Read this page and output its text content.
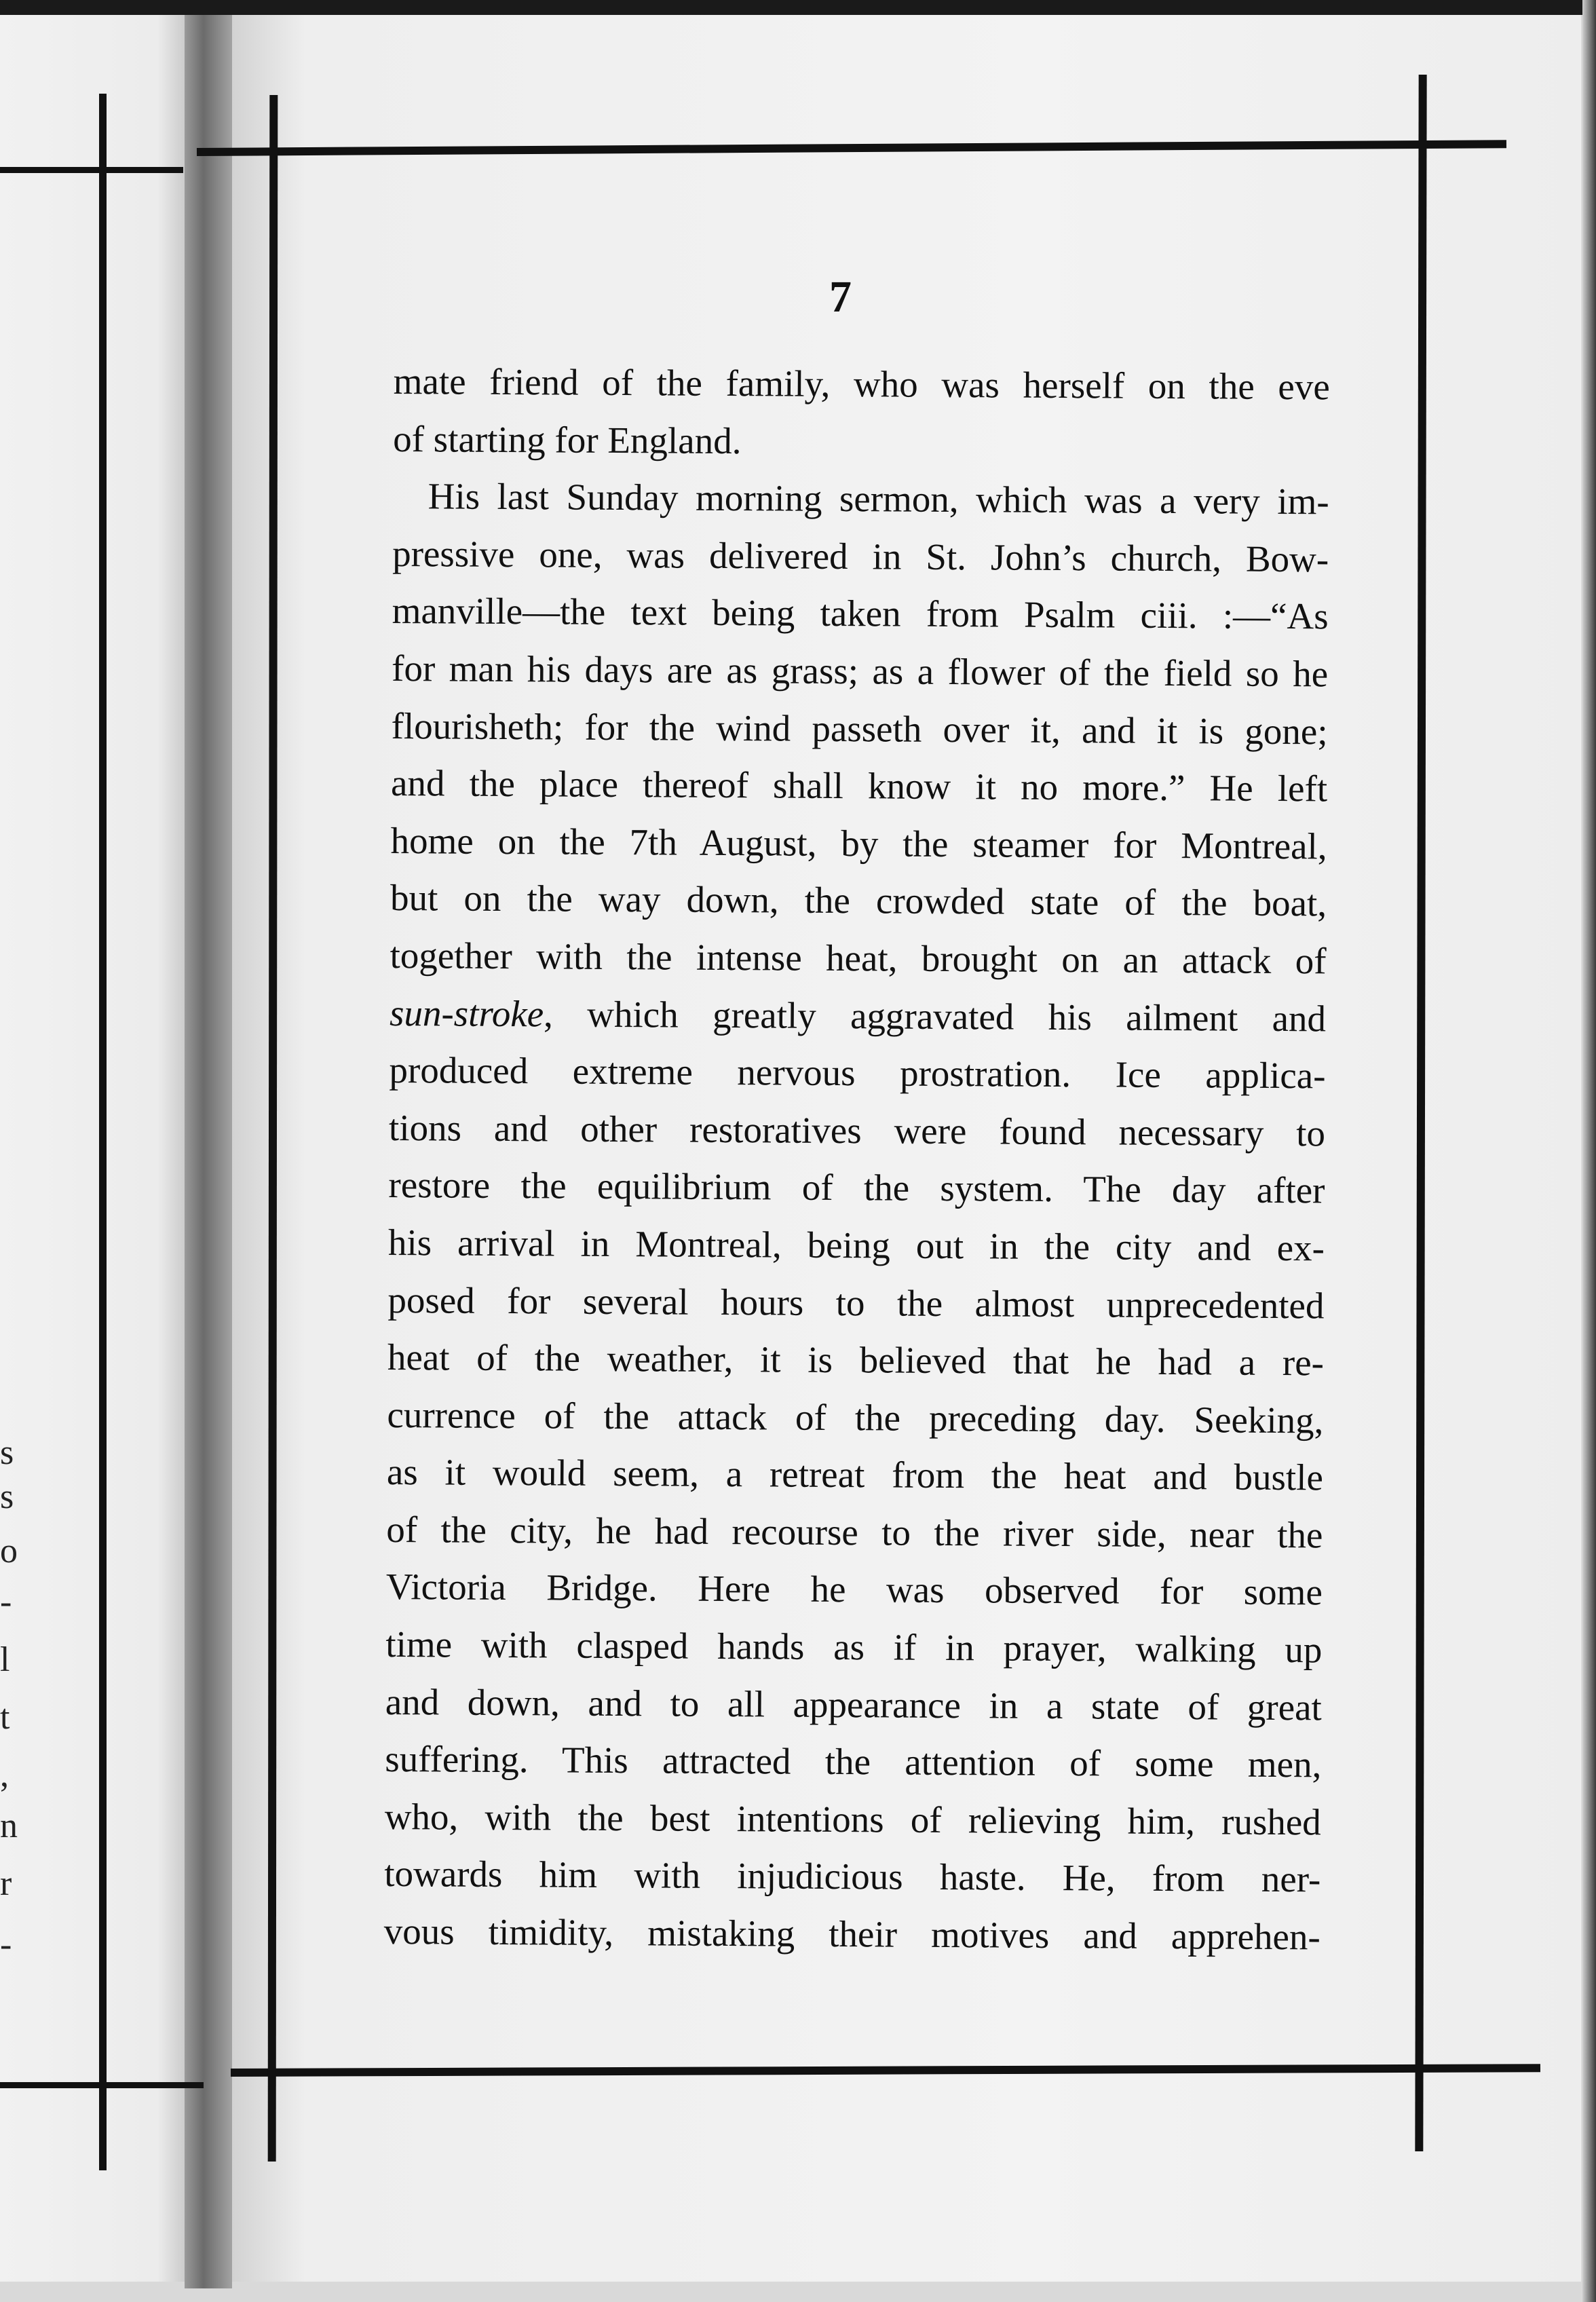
s
s
o
-
l
t
,
n
r
-
7
mate friend of the family, who was herself on the eve
of starting for England.
His last Sunday morning sermon, which was a very im-
pressive one, was delivered in St. John’s church, Bow-
manville—the text being taken from Psalm ciii. :—“As
for man his days are as grass; as a flower of the field so he
flourisheth; for the wind passeth over it, and it is gone;
and the place thereof shall know it no more.” He left
home on the 7th August, by the steamer for Montreal,
but on the way down, the crowded state of the boat,
together with the intense heat, brought on an attack of
sun-stroke, which greatly aggravated his ailment and
produced extreme nervous prostration. Ice applica-
tions and other restoratives were found necessary to
restore the equilibrium of the system. The day after
his arrival in Montreal, being out in the city and ex-
posed for several hours to the almost unprecedented
heat of the weather, it is believed that he had a re-
currence of the attack of the preceding day. Seeking,
as it would seem, a retreat from the heat and bustle
of the city, he had recourse to the river side, near the
Victoria Bridge. Here he was observed for some
time with clasped hands as if in prayer, walking up
and down, and to all appearance in a state of great
suffering. This attracted the attention of some men,
who, with the best intentions of relieving him, rushed
towards him with injudicious haste. He, from ner-
vous timidity, mistaking their motives and apprehen-
